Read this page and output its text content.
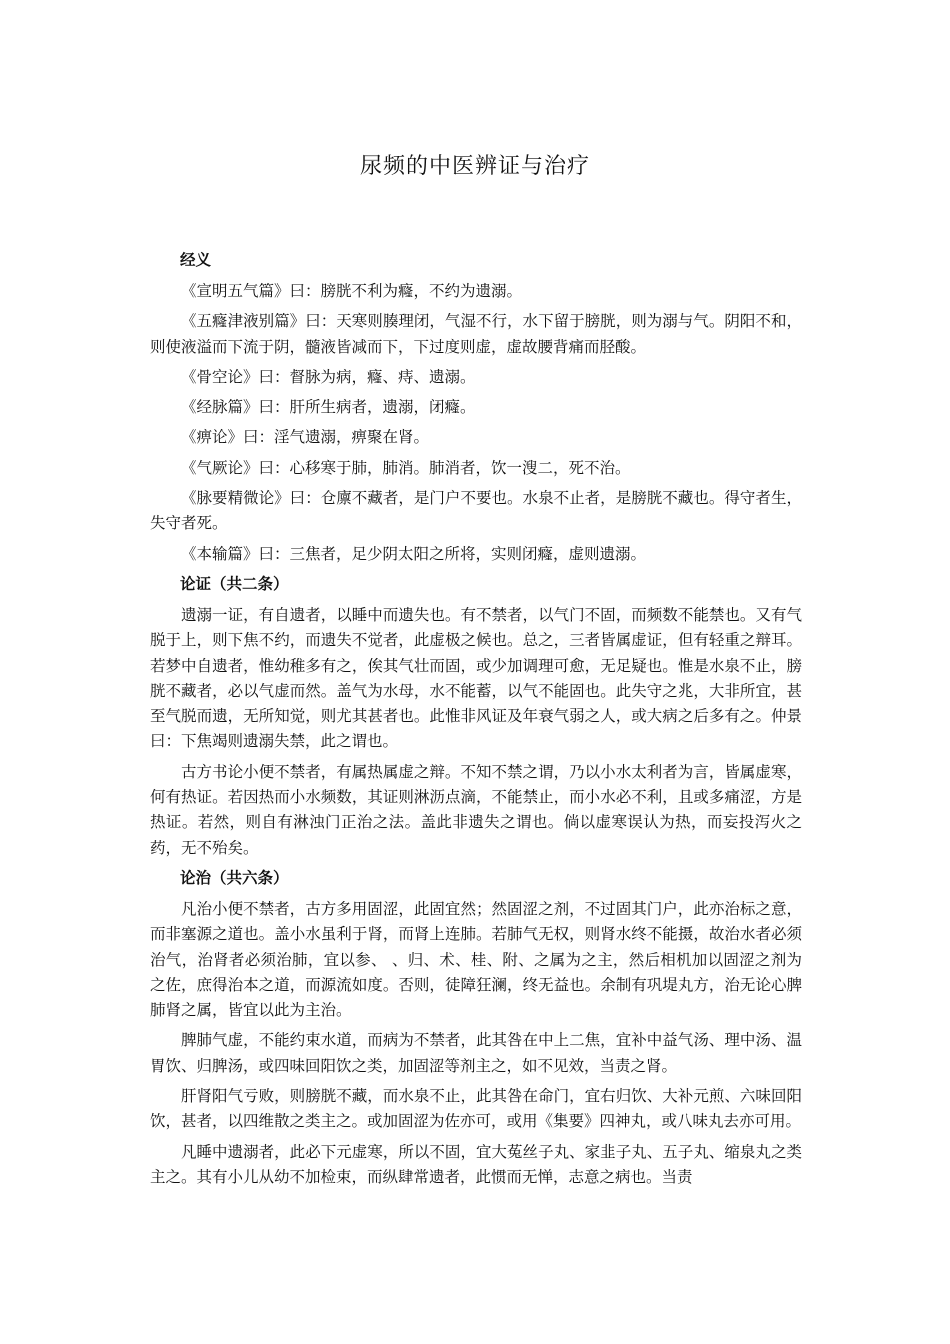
尿频的中医辨证与治疗
经义

《宣明五气篇》曰：膀胱不利为癃，不约为遗溺。

《五癃津液别篇》曰：天寒则腠理闭，气湿不行，水下留于膀胱，则为溺与气。阴阳不和，则使液溢而下流于阴，髓液皆减而下，下过度则虚，虚故腰背痛而胫酸。

《骨空论》曰：督脉为病，癃、痔、遗溺。

《经脉篇》曰：肝所生病者，遗溺，闭癃。

《痹论》曰：淫气遗溺，痹聚在肾。

《气厥论》曰：心移寒于肺，肺消。肺消者，饮一溲二，死不治。

《脉要精微论》曰：仓廪不藏者，是门户不要也。水泉不止者，是膀胱不藏也。得守者生，失守者死。

《本输篇》曰：三焦者，足少阴太阳之所将，实则闭癃，虚则遗溺。

论证（共二条）

遗溺一证，有自遗者，以睡中而遗失也。有不禁者，以气门不固，而频数不能禁也。又有气脱于上，则下焦不约，而遗失不觉者，此虚极之候也。总之，三者皆属虚证，但有轻重之辩耳。若梦中自遗者，惟幼稚多有之，俟其气壮而固，或少加调理可愈，无足疑也。惟是水泉不止，膀胱不藏者，必以气虚而然。盖气为水母，水不能蓄，以气不能固也。此失守之兆，大非所宜，甚至气脱而遗，无所知觉，则尤其甚者也。此惟非风证及年衰气弱之人，或大病之后多有之。仲景曰：下焦竭则遗溺失禁，此之谓也。

古方书论小便不禁者，有属热属虚之辩。不知不禁之谓，乃以小水太利者为言，皆属虚寒，何有热证。若因热而小水频数，其证则淋沥点滴，不能禁止，而小水必不利，且或多痛涩，方是热证。若然，则自有淋浊门正治之法。盖此非遗失之谓也。倘以虚寒误认为热，而妄投泻火之药，无不殆矣。

论治（共六条）

凡治小便不禁者，古方多用固涩，此固宜然；然固涩之剂，不过固其门户，此亦治标之意，而非塞源之道也。盖小水虽利于肾，而肾上连肺。若肺气无权，则肾水终不能摄，故治水者必须治气，治肾者必须治肺，宜以参、 、归、术、桂、附、之属为之主，然后相机加以固涩之剂为之佐，庶得治本之道，而源流如度。否则，徒障狂澜，终无益也。余制有巩堤丸方，治无论心脾肺肾之属，皆宜以此为主治。

脾肺气虚，不能约束水道，而病为不禁者，此其咎在中上二焦，宜补中益气汤、理中汤、温胃饮、归脾汤，或四味回阳饮之类，加固涩等剂主之，如不见效，当责之肾。

肝肾阳气亏败，则膀胱不藏，而水泉不止，此其咎在命门，宜右归饮、大补元煎、六味回阳饮，甚者，以四维散之类主之。或加固涩为佐亦可，或用《集要》四神丸，或八味丸去亦可用。

凡睡中遗溺者，此必下元虚寒，所以不固，宜大菟丝子丸、家韭子丸、五子丸、缩泉丸之类主之。其有小儿从幼不加检束，而纵肆常遗者，此惯而无惮，志意之病也。当责
